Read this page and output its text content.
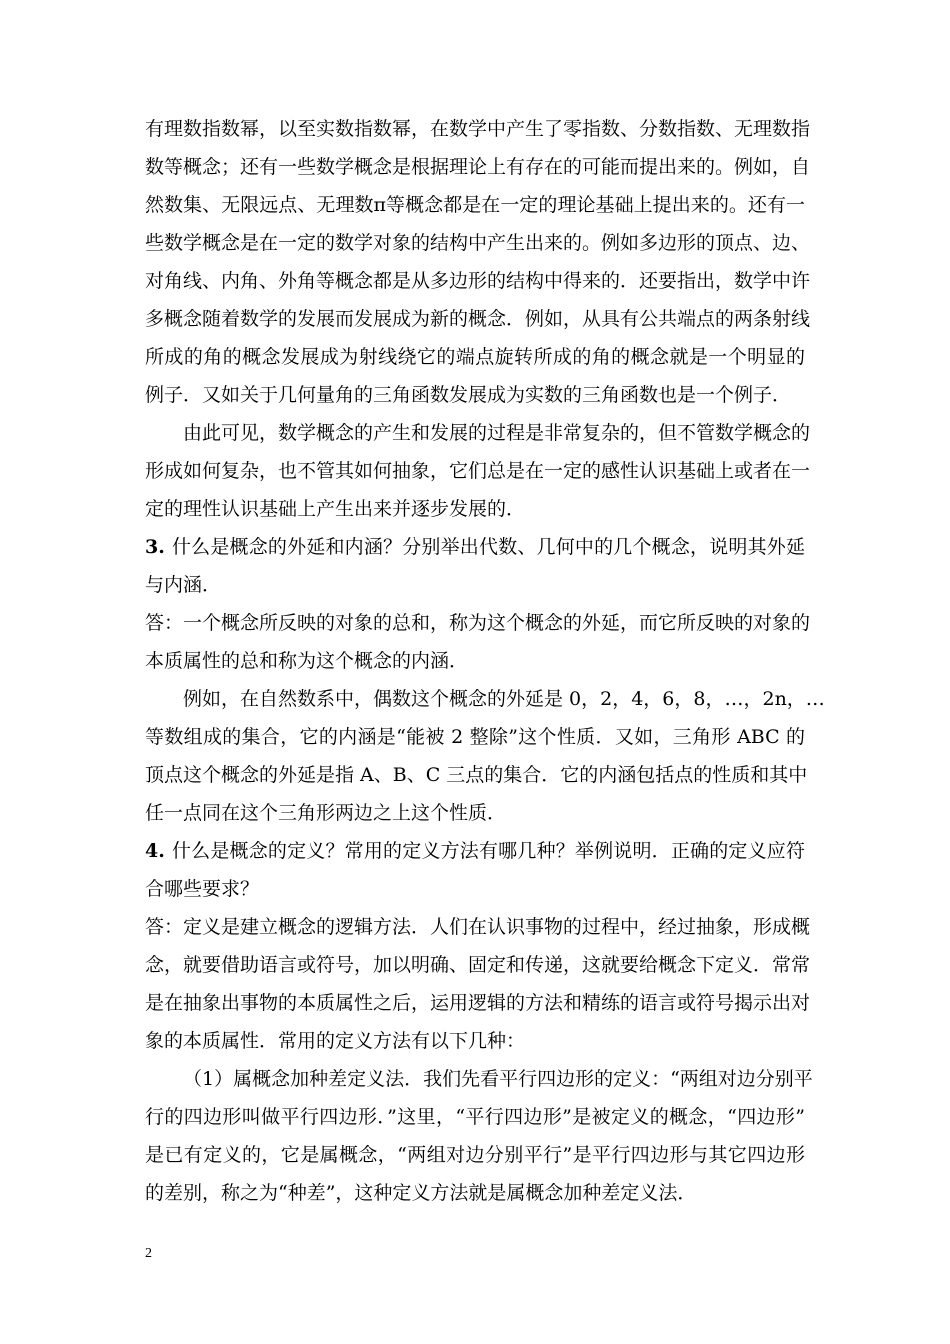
有理数指数幂，以至实数指数幂，在数学中产生了零指数、分数指数、无理数指
数等概念；还有一些数学概念是根据理论上有存在的可能而提出来的。例如，自
然数集、无限远点、无理数π等概念都是在一定的理论基础上提出来的。还有一
些数学概念是在一定的数学对象的结构中产生出来的。例如多边形的顶点、边、
对角线、内角、外角等概念都是从多边形的结构中得来的．还要指出，数学中许
多概念随着数学的发展而发展成为新的概念．例如，从具有公共端点的两条射线
所成的角的概念发展成为射线绕它的端点旋转所成的角的概念就是一个明显的
例子．又如关于几何量角的三角函数发展成为实数的三角函数也是一个例子．
由此可见，数学概念的产生和发展的过程是非常复杂的，但不管数学概念的
形成如何复杂，也不管其如何抽象，它们总是在一定的感性认识基础上或者在一
定的理性认识基础上产生出来并逐步发展的．
3. 什么是概念的外延和内涵？分别举出代数、几何中的几个概念，说明其外延
与内涵．
答：一个概念所反映的对象的总和，称为这个概念的外延，而它所反映的对象的
本质属性的总和称为这个概念的内涵．
例如，在自然数系中，偶数这个概念的外延是 0，2，4，6，8，…，2n，…
等数组成的集合，它的内涵是“能被 2 整除”这个性质．又如，三角形 ABC 的
顶点这个概念的外延是指 A、B、C 三点的集合．它的内涵包括点的性质和其中
任一点同在这个三角形两边之上这个性质．
4. 什么是概念的定义？常用的定义方法有哪几种？举例说明．正确的定义应符
合哪些要求？
答：定义是建立概念的逻辑方法．人们在认识事物的过程中，经过抽象，形成概
念，就要借助语言或符号，加以明确、固定和传递，这就要给概念下定义．常常
是在抽象出事物的本质属性之后，运用逻辑的方法和精练的语言或符号揭示出对
象的本质属性．常用的定义方法有以下几种：
（1）属概念加种差定义法．我们先看平行四边形的定义：“两组对边分别平
行的四边形叫做平行四边形．”这里，“平行四边形”是被定义的概念，“四边形”
是已有定义的，它是属概念，“两组对边分别平行”是平行四边形与其它四边形
的差别，称之为“种差”，这种定义方法就是属概念加种差定义法．
2
